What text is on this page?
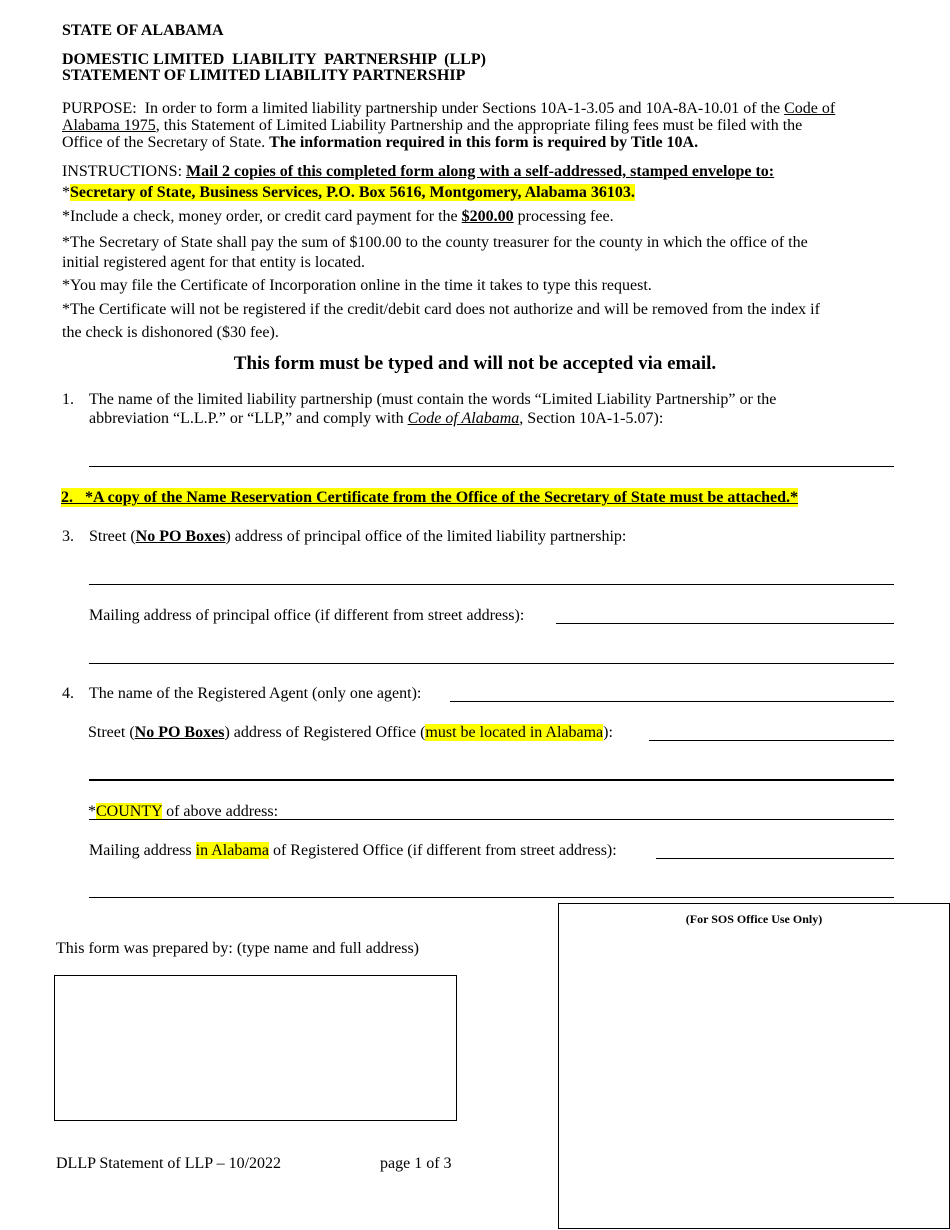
STATE OF ALABAMA
DOMESTIC LIMITED  LIABILITY  PARTNERSHIP  (LLP)
STATEMENT OF LIMITED LIABILITY PARTNERSHIP
PURPOSE: In order to form a limited liability partnership under Sections 10A-1-3.05 and 10A-8A-10.01 of the Code of
Alabama 1975, this Statement of Limited Liability Partnership and the appropriate filing fees must be filed with the
Office of the Secretary of State. The information required in this form is required by Title 10A.
INSTRUCTIONS: Mail 2 copies of this completed form along with a self-addressed, stamped envelope to:
*Secretary of State, Business Services, P.O. Box 5616, Montgomery, Alabama 36103.
*Include a check, money order, or credit card payment for the $200.00 processing fee.
*The Secretary of State shall pay the sum of $100.00 to the county treasurer for the county in which the office of the
initial registered agent for that entity is located.
*You may file the Certificate of Incorporation online in the time it takes to type this request.
*The Certificate will not be registered if the credit/debit card does not authorize and will be removed from the index if
the check is dishonored ($30 fee).
This form must be typed and will not be accepted via email.
1. The name of the limited liability partnership (must contain the words “Limited Liability Partnership” or the
abbreviation “L.L.P.” or “LLP,” and comply with Code of Alabama, Section 10A-1-5.07):
2.   *A copy of the Name Reservation Certificate from the Office of the Secretary of State must be attached.*
3. Street (No PO Boxes) address of principal office of the limited liability partnership:
Mailing address of principal office (if different from street address):
4. The name of the Registered Agent (only one agent):
Street (No PO Boxes) address of Registered Office (must be located in Alabama):
*COUNTY of above address:
Mailing address in Alabama of Registered Office (if different from street address):
This form was prepared by: (type name and full address)
(For SOS Office Use Only)
DLLP Statement of LLP – 10/2022	page 1 of 3
